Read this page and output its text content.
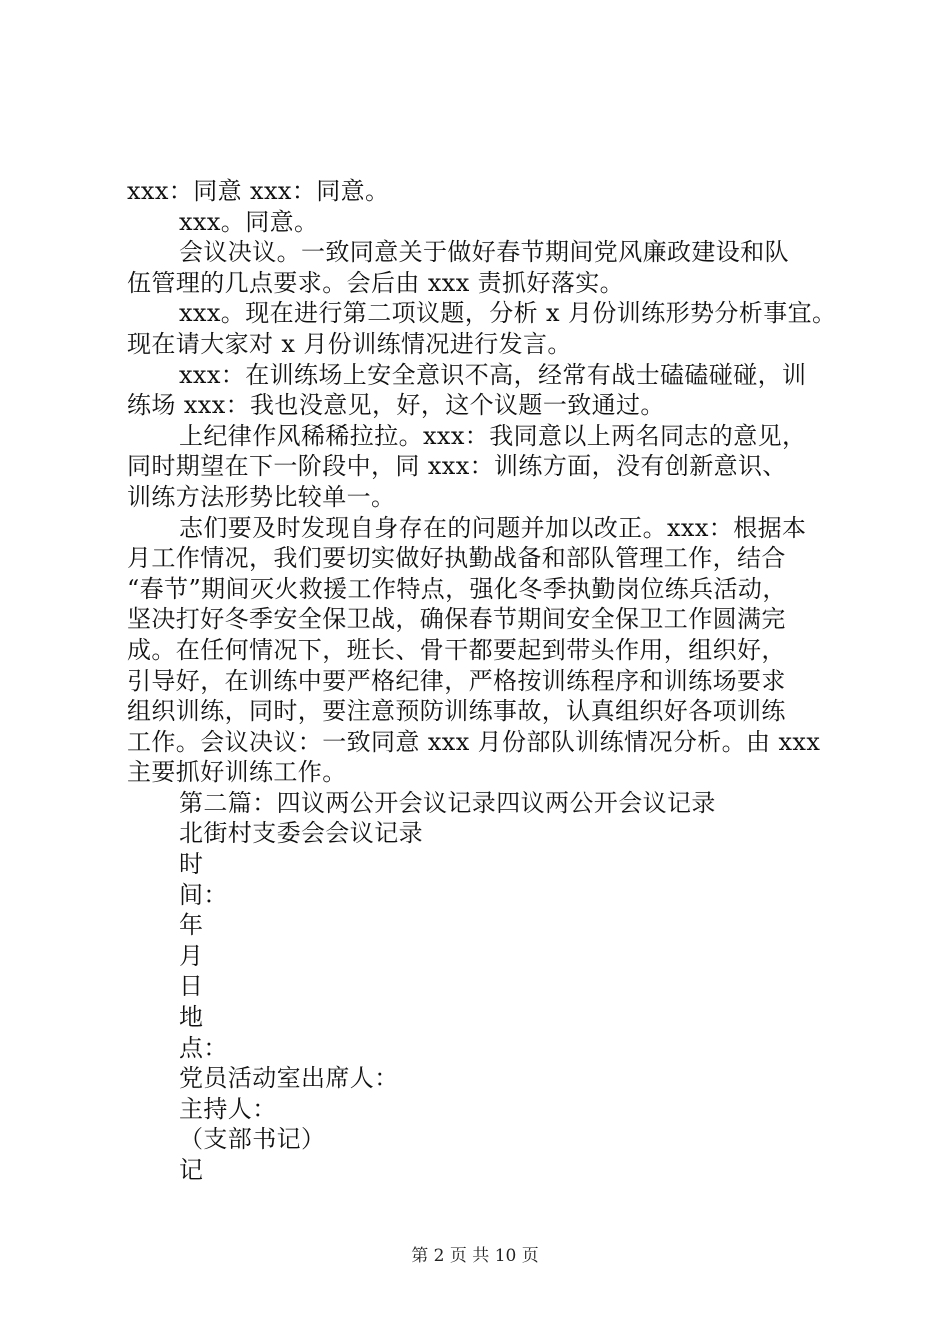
xxx：同意 xxx：同意。
xxx。同意。
会议决议。一致同意关于做好春节期间党风廉政建设和队
伍管理的几点要求。会后由 xxx 责抓好落实。
xxx。现在进行第二项议题，分析 x 月份训练形势分析事宜。
现在请大家对 x 月份训练情况进行发言。
xxx：在训练场上安全意识不高，经常有战士磕磕碰碰，训
练场 xxx：我也没意见，好，这个议题一致通过。
上纪律作风稀稀拉拉。xxx：我同意以上两名同志的意见，
同时期望在下一阶段中，同 xxx：训练方面，没有创新意识、
训练方法形势比较单一。
志们要及时发现自身存在的问题并加以改正。xxx：根据本
月工作情况，我们要切实做好执勤战备和部队管理工作，结合
“春节”期间灭火救援工作特点，强化冬季执勤岗位练兵活动，
坚决打好冬季安全保卫战，确保春节期间安全保卫工作圆满完
成。在任何情况下，班长、骨干都要起到带头作用，组织好，
引导好，在训练中要严格纪律，严格按训练程序和训练场要求
组织训练，同时，要注意预防训练事故，认真组织好各项训练
工作。会议决议：一致同意 xxx 月份部队训练情况分析。由 xxx
主要抓好训练工作。
第二篇：四议两公开会议记录四议两公开会议记录
北街村支委会会议记录
时
间：
年
月
日
地
点：
党员活动室出席人：
主持人：
（支部书记）
记
第 2 页 共 10 页
